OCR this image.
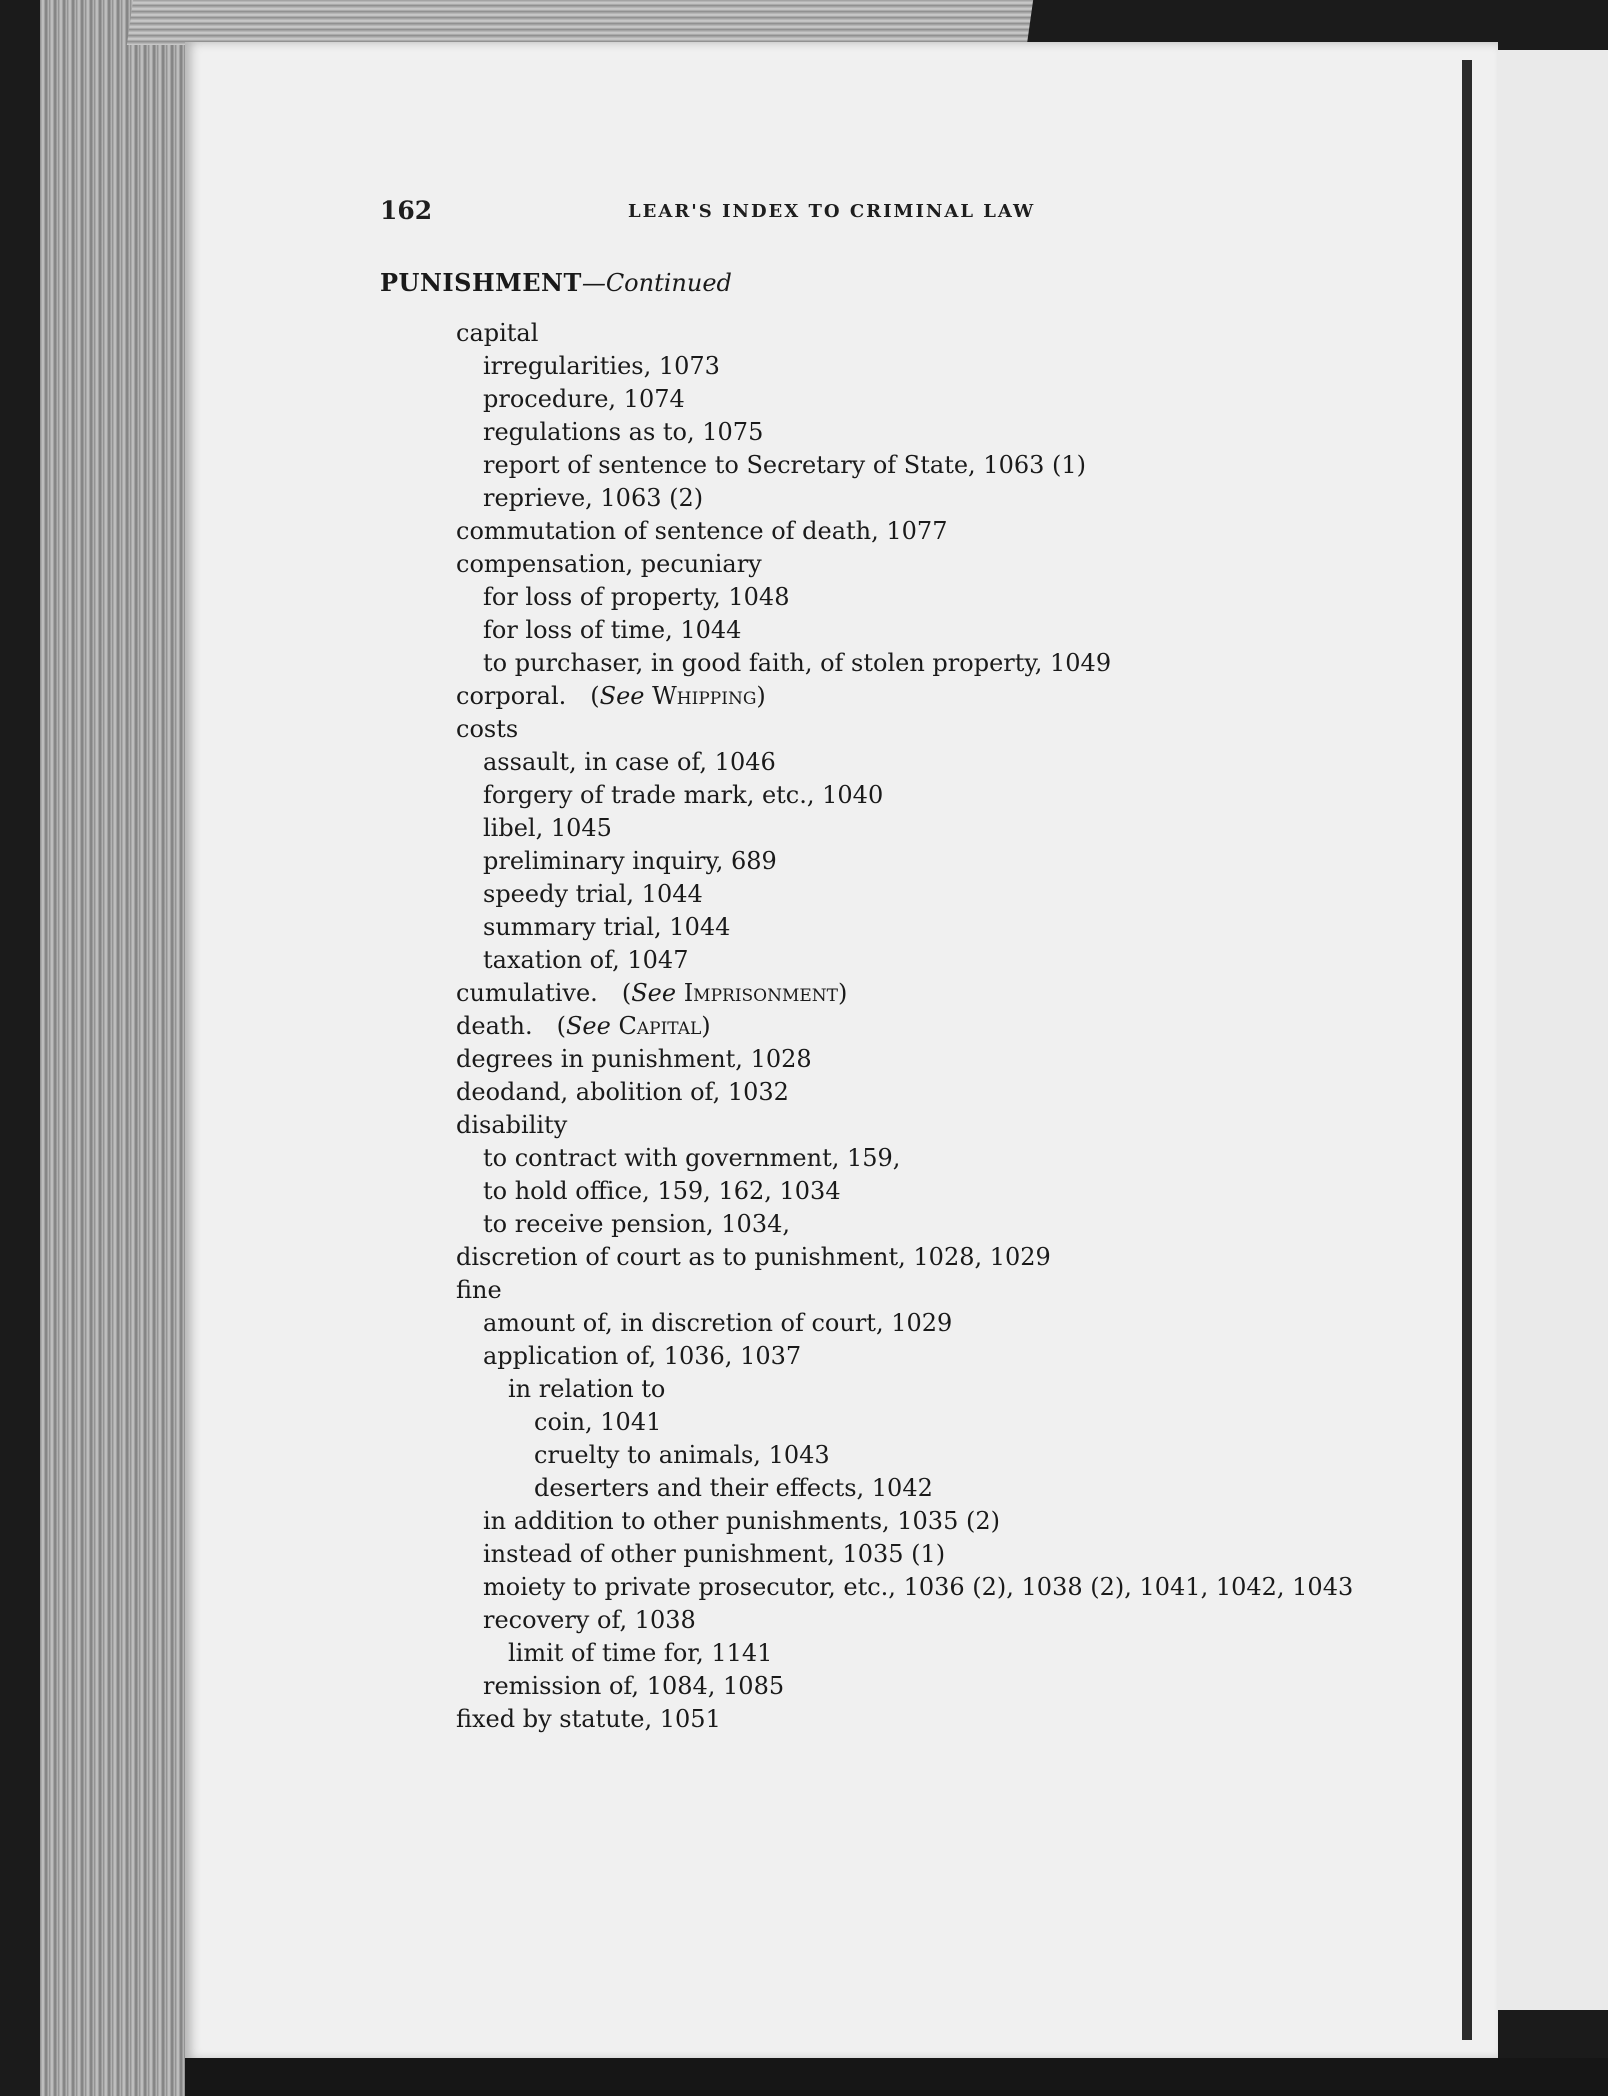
162	LEAR'S INDEX TO CRIMINAL LAW
PUNISHMENT—Continued
capital
irregularities, 1073
procedure, 1074
regulations as to, 1075
report of sentence to Secretary of State, 1063 (1)
reprieve, 1063 (2)
commutation of sentence of death, 1077
compensation, pecuniary
for loss of property, 1048
for loss of time, 1044
to purchaser, in good faith, of stolen property, 1049
corporal. (See Whipping)
costs
assault, in case of, 1046
forgery of trade mark, etc., 1040
libel, 1045
preliminary inquiry, 689
speedy trial, 1044
summary trial, 1044
taxation of, 1047
cumulative. (See Imprisonment)
death. (See Capital)
degrees in punishment, 1028
deodand, abolition of, 1032
disability
to contract with government, 159,
to hold office, 159, 162, 1034
to receive pension, 1034,
discretion of court as to punishment, 1028, 1029
fine
amount of, in discretion of court, 1029
application of, 1036, 1037
in relation to
coin, 1041
cruelty to animals, 1043
deserters and their effects, 1042
in addition to other punishments, 1035 (2)
instead of other punishment, 1035 (1)
moiety to private prosecutor, etc., 1036 (2), 1038 (2), 1041, 1042, 1043
recovery of, 1038
limit of time for, 1141
remission of, 1084, 1085
fixed by statute, 1051
